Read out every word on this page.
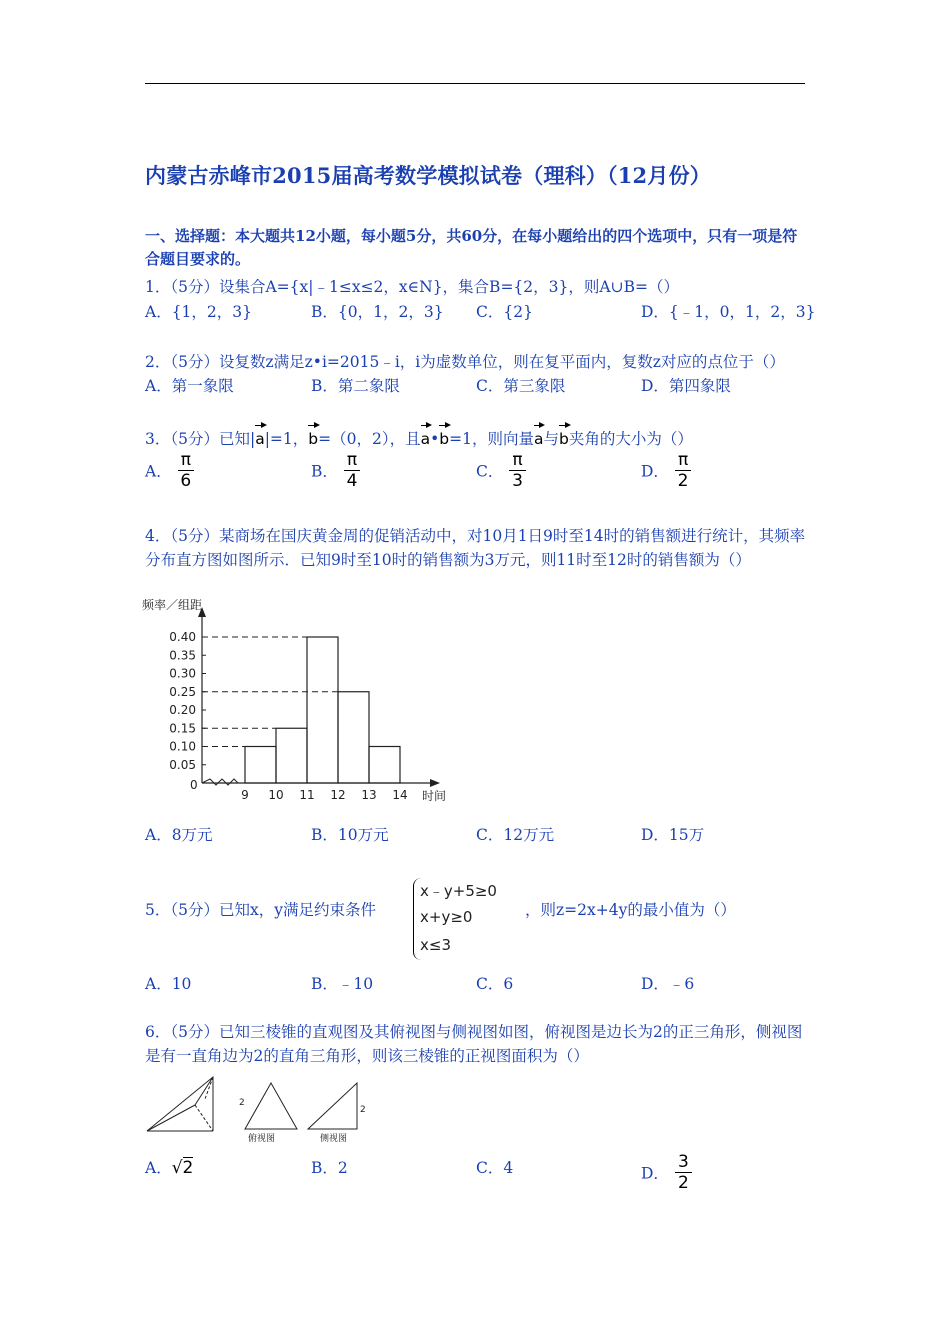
内蒙古赤峰市2015届高考数学模拟试卷（理科）（12月份）
一、选择题：本大题共12小题，每小题5分，共60分，在每小题给出的四个选项中，只有一项是符合题目要求的。
1．（5分）设集合A={x|﹣1≤x≤2，x∈N}，集合B={2，3}，则A∪B=（）
A．{1，2，3}	B．{0，1，2，3} C．{2}	D．{﹣1，0，1，2，3}
2．（5分）设复数z满足z•i=2015﹣i，i为虚数单位，则在复平面内，复数z对应的点位于（）
A．第一象限	B．第二象限	C．第三象限	D．第四象限
3．（5分）已知|a|=1，b=（0，2），且a•b=1，则向量a与b夹角的大小为（）
A． $\frac{\pi}{6}$	B． $\frac{\pi}{4}$	C． $\frac{\pi}{3}$	D． $\frac{\pi}{2}$
4．（5分）某商场在国庆黄金周的促销活动中，对10月1日9时至14时的销售额进行统计，其频率分布直方图如图所示．已知9时至10时的销售额为3万元，则11时至12时的销售额为（）
0.40
0.35
0.30
0.25
0.20
0.15
0.10
0.05
0
频率／组距
9 10 11 12 13 14 时间
A．8万元	B．10万元	C．12万元	D．15万
5．（5分）已知x，y满足约束条件
x﹣y+5≥0
x+y≥0
x≤3
，则z=2x+4y的最小值为（）
A．10	B．﹣10	C．6	D．﹣6
6．（5分）已知三棱锥的直观图及其俯视图与侧视图如图，俯视图是边长为2的正三角形，侧视图是有一直角边为2的直角三角形，则该三棱锥的正视图面积为（）
2
俯视图
2
侧视图
A．√2	B．2	C．4	D． $\frac{3}{2}$
